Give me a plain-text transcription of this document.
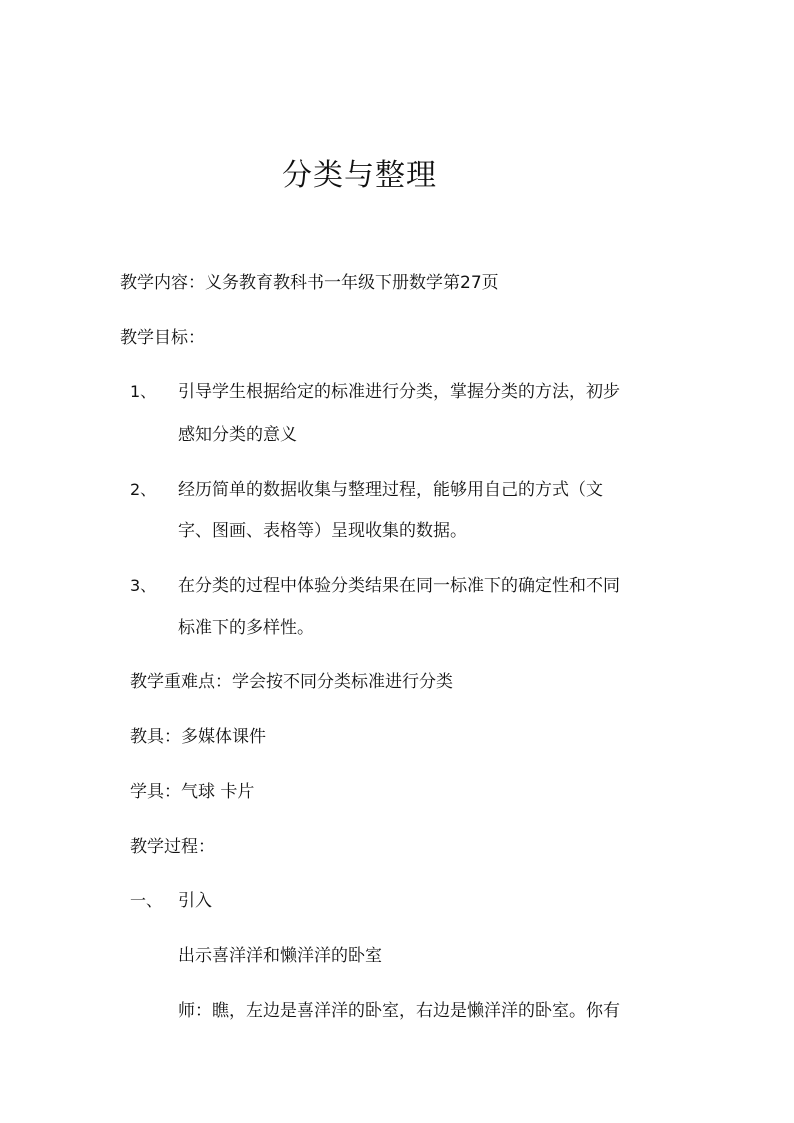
分类与整理
教学内容：义务教育教科书一年级下册数学第27页
教学目标：
1、 引导学生根据给定的标准进行分类，掌握分类的方法，初步
感知分类的意义
2、 经历简单的数据收集与整理过程，能够用自己的方式（文
字、图画、表格等）呈现收集的数据。
3、 在分类的过程中体验分类结果在同一标准下的确定性和不同
标准下的多样性。
教学重难点：学会按不同分类标准进行分类
教具：多媒体课件
学具：气球 卡片
教学过程：
一、 引入
出示喜洋洋和懒洋洋的卧室
师：瞧，左边是喜洋洋的卧室，右边是懒洋洋的卧室。你有
